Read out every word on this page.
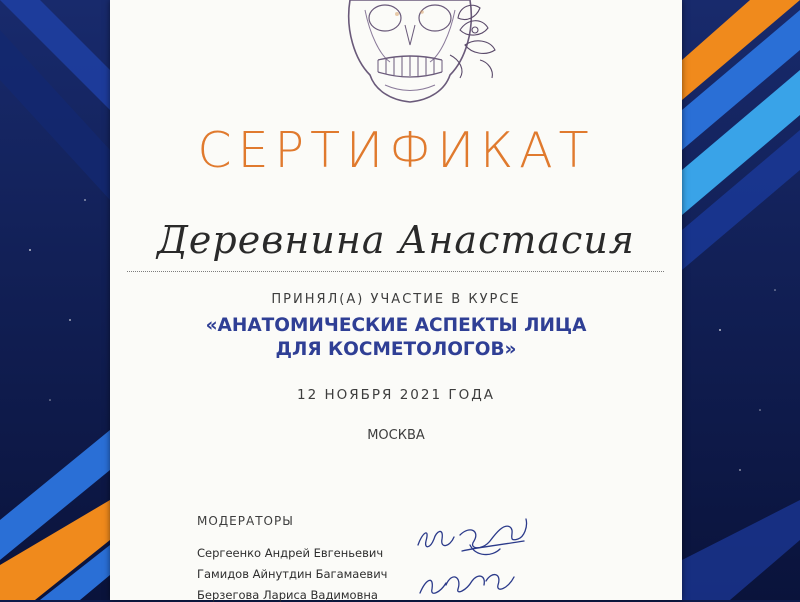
СЕРТИФИКАТ
Деревнина Анастасия
ПРИНЯЛ(А) УЧАСТИЕ В КУРСЕ
«АНАТОМИЧЕСКИЕ АСПЕКТЫ ЛИЦА
ДЛЯ КОСМЕТОЛОГОВ»
12 НОЯБРЯ 2021 ГОДА
МОСКВА
МОДЕРАТОРЫ
Сергеенко Андрей Евгеньевич
Гамидов Айнутдин Багамаевич
Берзегова Лариса Вадимовна
